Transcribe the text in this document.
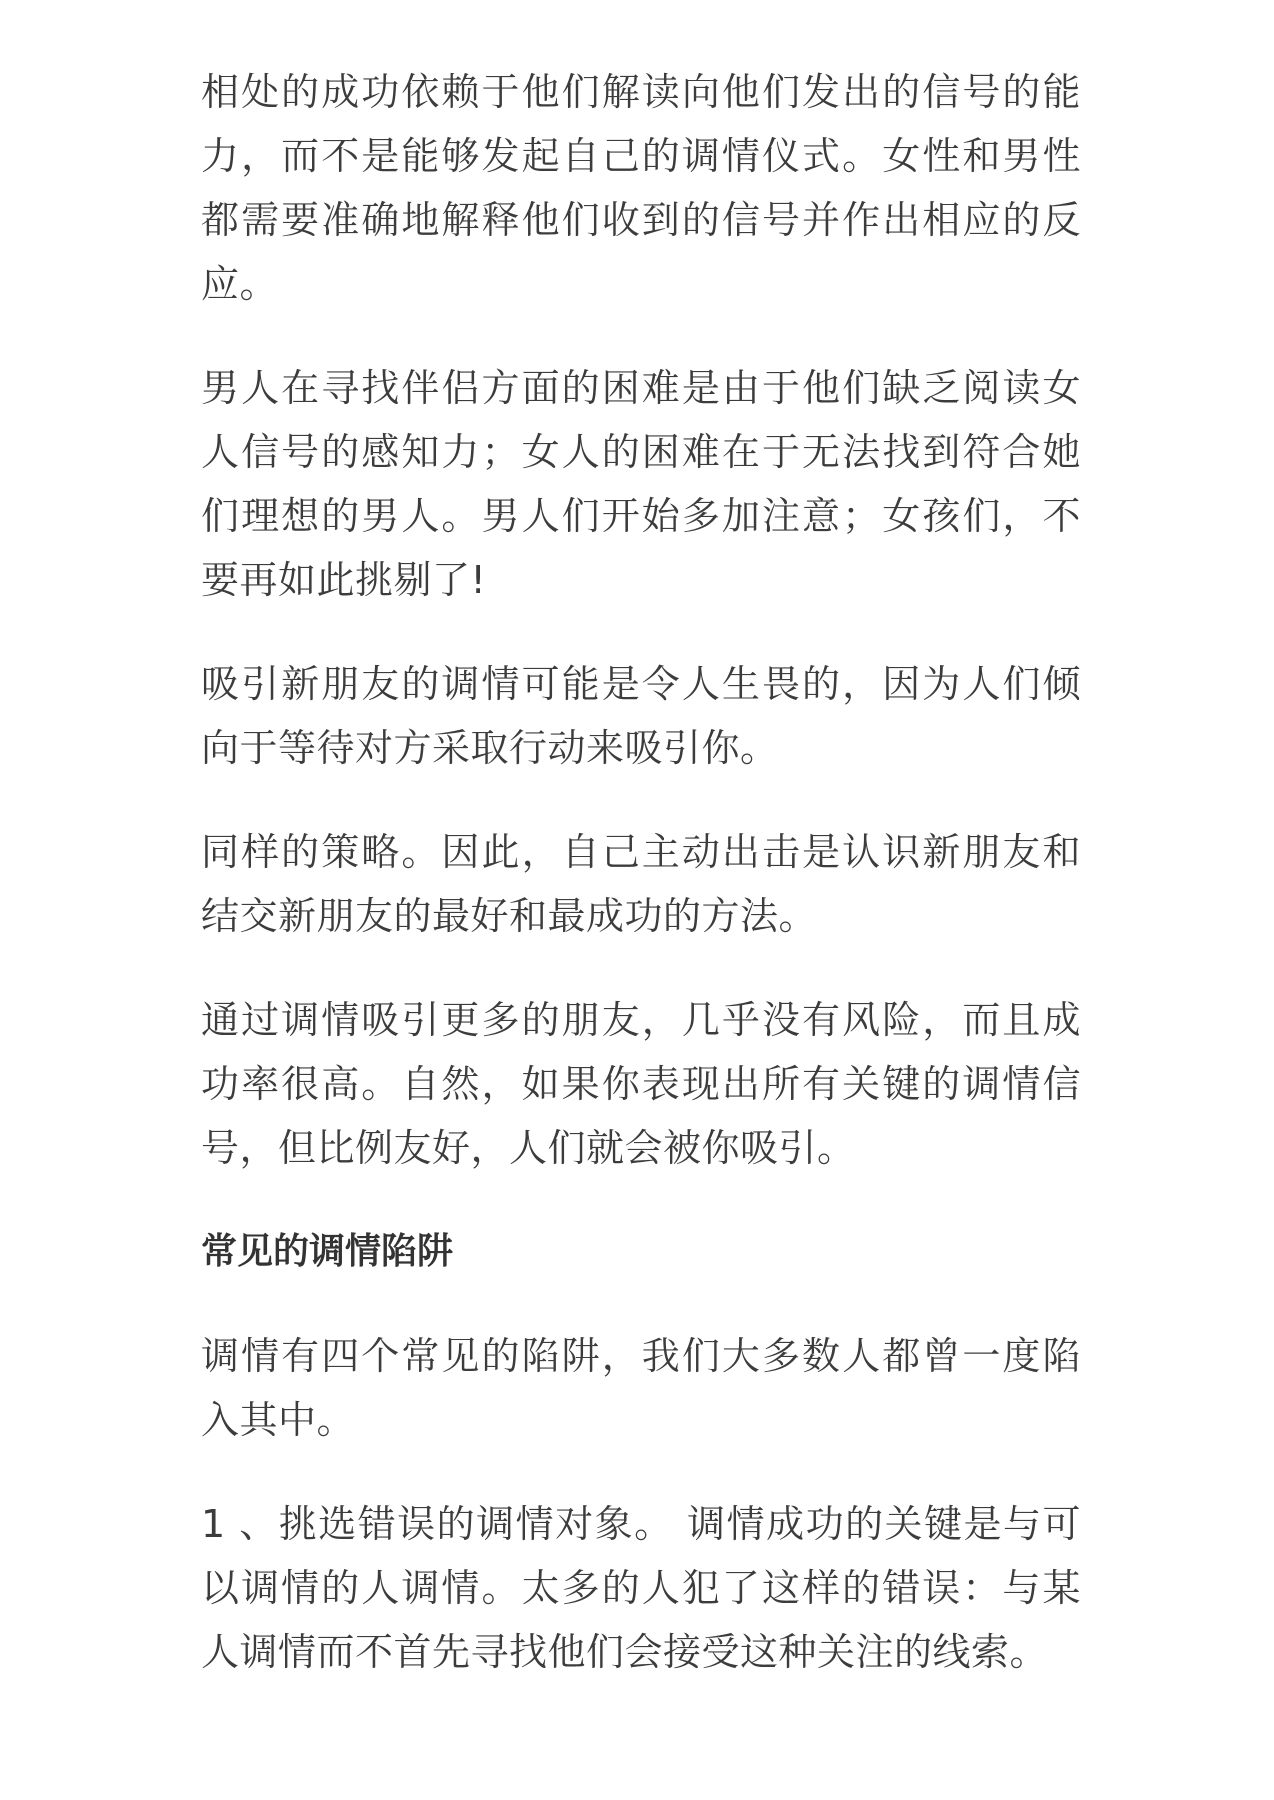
相处的成功依赖于他们解读向他们发出的信号的能力，而不是能够发起自己的调情仪式。女性和男性都需要准确地解释他们收到的信号并作出相应的反应。

男人在寻找伴侣方面的困难是由于他们缺乏阅读女人信号的感知力；女人的困难在于无法找到符合她们理想的男人。男人们开始多加注意；女孩们，不要再如此挑剔了!

吸引新朋友的调情可能是令人生畏的，因为人们倾向于等待对方采取行动来吸引你。

同样的策略。因此，自己主动出击是认识新朋友和结交新朋友的最好和最成功的方法。

通过调情吸引更多的朋友，几乎没有风险，而且成功率很高。自然，如果你表现出所有关键的调情信号，但比例友好，人们就会被你吸引。

常见的调情陷阱

调情有四个常见的陷阱，我们大多数人都曾一度陷入其中。

1 、挑选错误的调情对象。 调情成功的关键是与可以调情的人调情。太多的人犯了这样的错误：与某人调情而不首先寻找他们会接受这种关注的线索。
